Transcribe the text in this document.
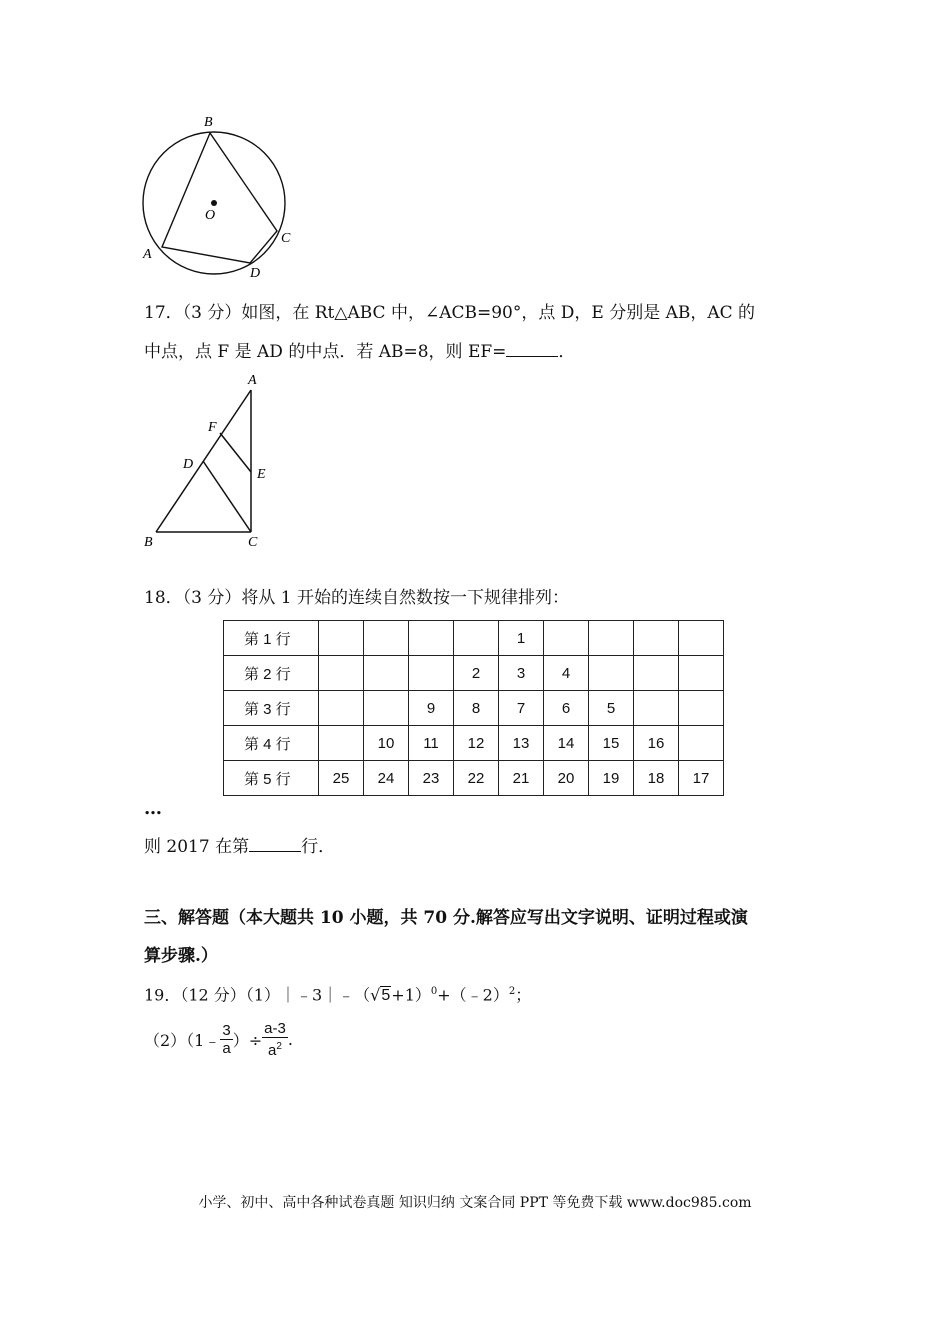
B
O
A
C
D
17．（3 分）如图，在 Rt△ABC 中，∠ACB=90°，点 D，E 分别是 AB，AC 的
中点，点 F 是 AD 的中点．若 AB=8，则 EF=	．
A
F
D
E
B	C
18．（3 分）将从 1 开始的连续自然数按一下规律排列：
第 1 行					1				
第 2 行				2	3	4			
第 3 行			9	8	7	6	5		
第 4 行		10	11	12	13	14	15	16	
第 5 行	25	24	23	22	21	20	19	18	17
…
则 2017 在第	行．
三、解答题（本大题共 10 小题，共 70 分.解答应写出文字说明、证明过程或演
算步骤.）
19．（12 分）$(1)|﹣3|﹣(√5+1)^0+(﹣2)^2$；
（2）（1﹣ $\frac{3}{a}$ ）÷ $\frac{a-3}{a^2}$ .
小学、初中、高中各种试卷真题 知识归纳 文案合同 PPT 等免费下载 www.doc985.com
